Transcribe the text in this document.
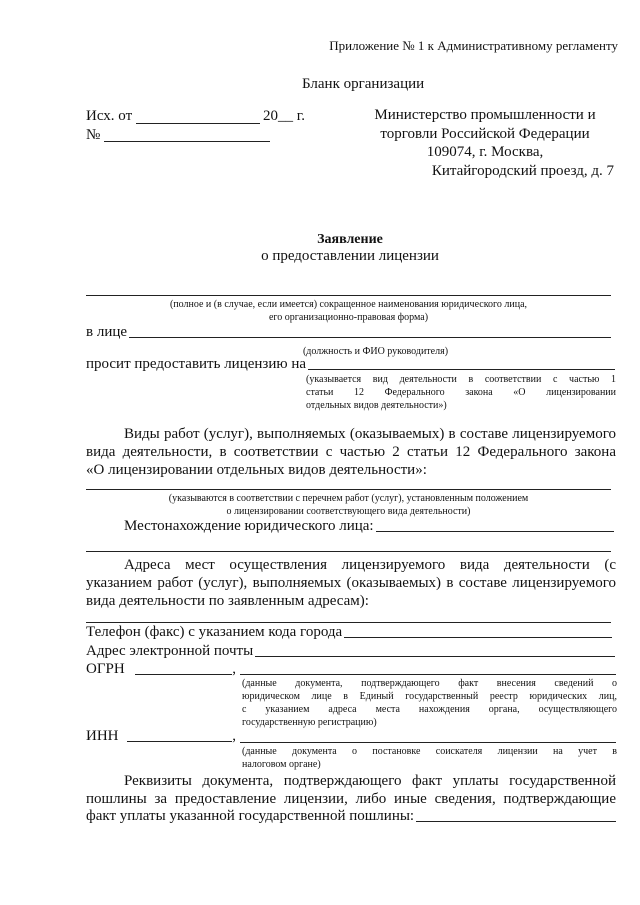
Приложение № 1 к Административному регламенту
Бланк организации
Исх. от	20__ г.
№
Министерство промышленности и
торговли Российской Федерации
109074, г. Москва,
Китайгородский проезд, д. 7
Заявление
о предоставлении лицензии
(полное и (в случае, если имеется) сокращенное наименования юридического лица,
его организационно-правовая форма)
в лице
(должность и ФИО руководителя)
просит предоставить лицензию на
(указывается вид деятельности в соответствии с частью 1
статьи 12 Федерального закона «О лицензировании
отдельных видов деятельности»)
Виды работ (услуг), выполняемых (оказываемых) в составе лицензируемого
вида деятельности, в соответствии с частью 2 статьи 12 Федерального закона
«О лицензировании отдельных видов деятельности»:
(указываются в соответствии с перечнем работ (услуг), установленным положением
о лицензировании соответствующего вида деятельности)
Местонахождение юридического лица:
Адреса мест осуществления лицензируемого вида деятельности (с
указанием работ (услуг), выполняемых (оказываемых) в составе лицензируемого
вида деятельности по заявленным адресам):
Телефон (факс) с указанием кода города
Адрес электронной почты
ОГРН	,
(данные документа, подтверждающего факт внесения сведений о
юридическом лице в Единый государственный реестр юридических лиц,
с указанием адреса места нахождения органа, осуществляющего
государственную регистрацию)
ИНН	,
(данные документа о постановке соискателя лицензии на учет в
налоговом органе)
Реквизиты документа, подтверждающего факт уплаты государственной
пошлины за предоставление лицензии, либо иные сведения, подтверждающие
факт уплаты указанной государственной пошлины:
